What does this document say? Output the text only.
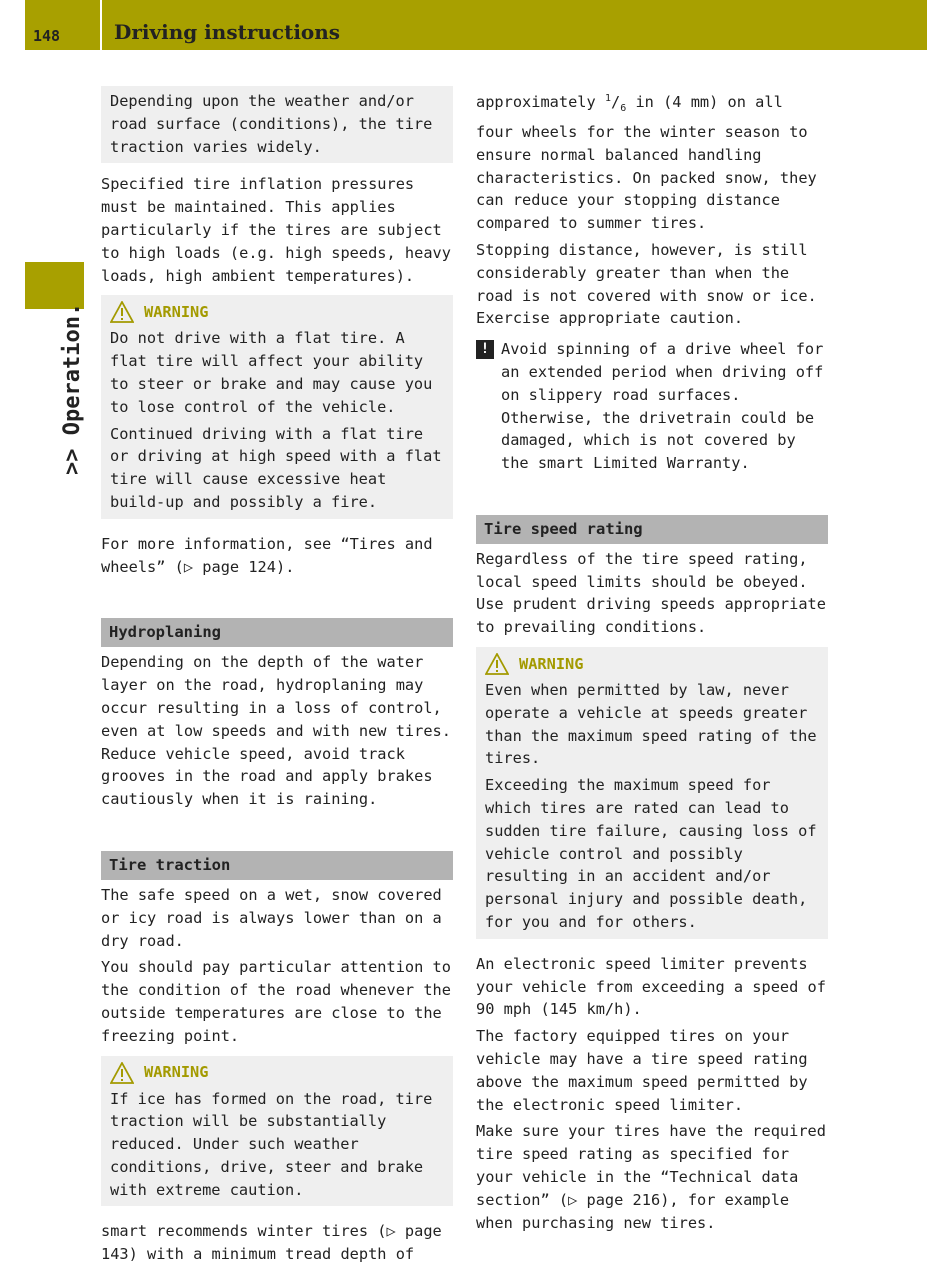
148	Driving instructions
>> Operation.

Depending upon the weather and/or road surface (conditions), the tire traction varies widely.

Specified tire inflation pressures must be maintained. This applies particularly if the tires are subject to high loads (e.g. high speeds, heavy loads, high ambient temperatures).

WARNING

Do not drive with a flat tire. A flat tire will affect your ability to steer or brake and may cause you to lose control of the vehicle.

Continued driving with a flat tire or driving at high speed with a flat tire will cause excessive heat build-up and possibly a fire.

For more information, see “Tires and wheels” (▷ page 124).

Hydroplaning

Depending on the depth of the water layer on the road, hydroplaning may occur resulting in a loss of control, even at low speeds and with new tires. Reduce vehicle speed, avoid track grooves in the road and apply brakes cautiously when it is raining.

Tire traction

The safe speed on a wet, snow covered or icy road is always lower than on a dry road.

You should pay particular attention to the condition of the road whenever the outside temperatures are close to the freezing point.

WARNING

If ice has formed on the road, tire traction will be substantially reduced. Under such weather conditions, drive, steer and brake with extreme caution.

smart recommends winter tires (▷ page 143) with a minimum tread depth of

approximately $^1/_6$ in (4 mm) on all four wheels for the winter season to ensure normal balanced handling characteristics. On packed snow, they can reduce your stopping distance compared to summer tires.

Stopping distance, however, is still considerably greater than when the road is not covered with snow or ice. Exercise appropriate caution.

! Avoid spinning of a drive wheel for an extended period when driving off on slippery road surfaces. Otherwise, the drivetrain could be damaged, which is not covered by the smart Limited Warranty.
Tire speed rating

Regardless of the tire speed rating, local speed limits should be obeyed. Use prudent driving speeds appropriate to prevailing conditions.

WARNING

Even when permitted by law, never operate a vehicle at speeds greater than the maximum speed rating of the tires.

Exceeding the maximum speed for which tires are rated can lead to sudden tire failure, causing loss of vehicle control and possibly resulting in an accident and/or personal injury and possible death, for you and for others.

An electronic speed limiter prevents your vehicle from exceeding a speed of 90 mph (145 km/h).

The factory equipped tires on your vehicle may have a tire speed rating above the maximum speed permitted by the electronic speed limiter.

Make sure your tires have the required tire speed rating as specified for your vehicle in the “Technical data section” (▷ page 216), for example when purchasing new tires.
